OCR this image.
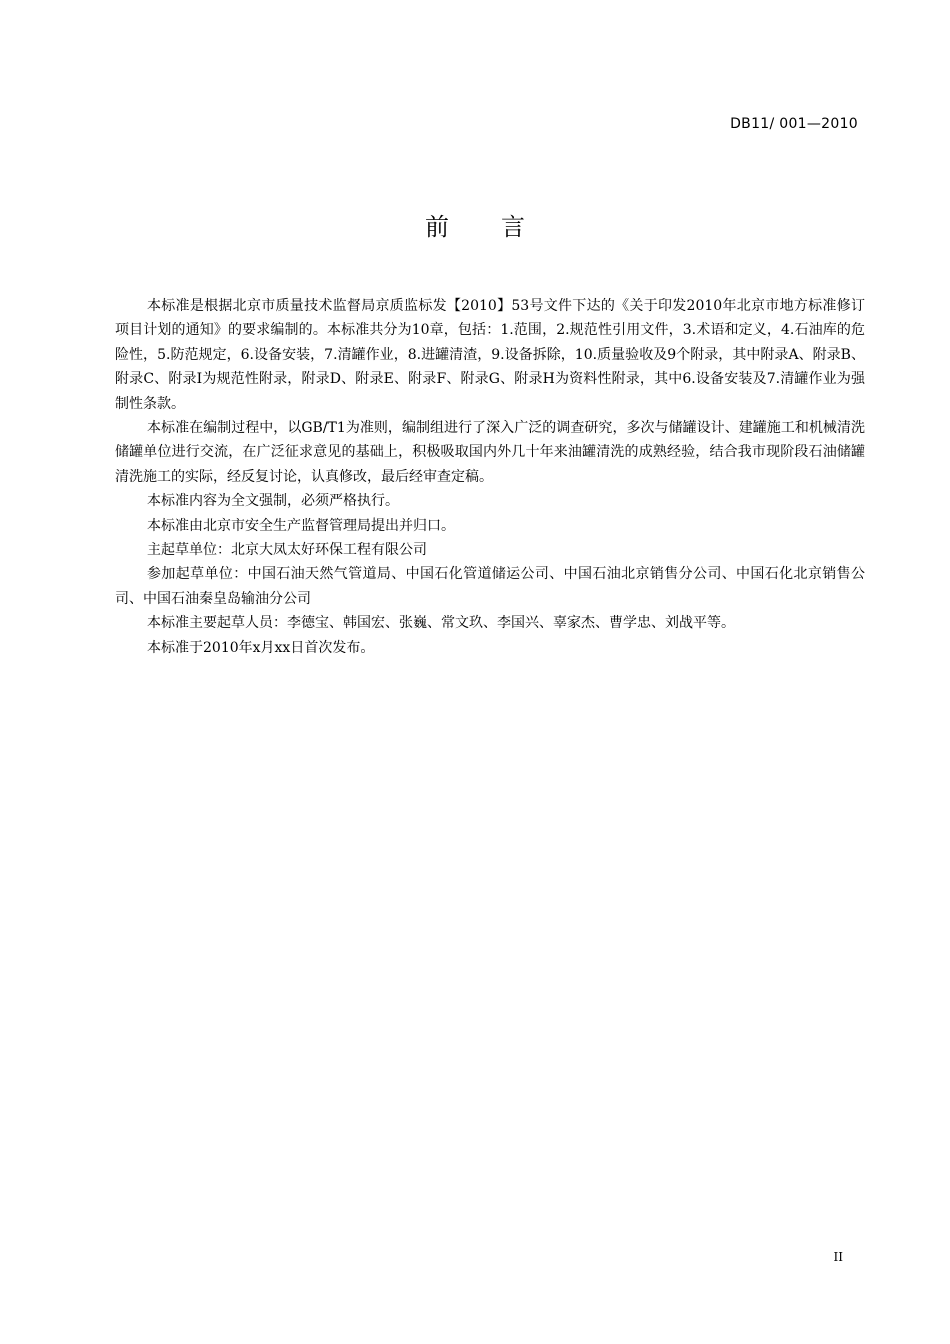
DB11/ 001—2010
前 言

本标准是根据北京市质量技术监督局京质监标发【2010】53号文件下达的《关于印发2010年北京市地方标准修订项目计划的通知》的要求编制的。本标准共分为10章，包括：1.范围，2.规范性引用文件，3.术语和定义，4.石油库的危险性，5.防范规定，6.设备安装，7.清罐作业，8.进罐清渣，9.设备拆除，10.质量验收及9个附录，其中附录A、附录B、附录C、附录I为规范性附录，附录D、附录E、附录F、附录G、附录H为资料性附录，其中6.设备安装及7.清罐作业为强制性条款。

本标准在编制过程中，以GB/T1为准则，编制组进行了深入广泛的调查研究，多次与储罐设计、建罐施工和机械清洗储罐单位进行交流，在广泛征求意见的基础上，积极吸取国内外几十年来油罐清洗的成熟经验，结合我市现阶段石油储罐清洗施工的实际，经反复讨论，认真修改，最后经审查定稿。

本标准内容为全文强制，必须严格执行。

本标准由北京市安全生产监督管理局提出并归口。

主起草单位：北京大凤太好环保工程有限公司

参加起草单位：中国石油天然气管道局、中国石化管道储运公司、中国石油北京销售分公司、中国石化北京销售公司、中国石油秦皇岛输油分公司

本标准主要起草人员：李德宝、韩国宏、张巍、常文玖、李国兴、辜家杰、曹学忠、刘战平等。

本标准于2010年x月xx日首次发布。

II
